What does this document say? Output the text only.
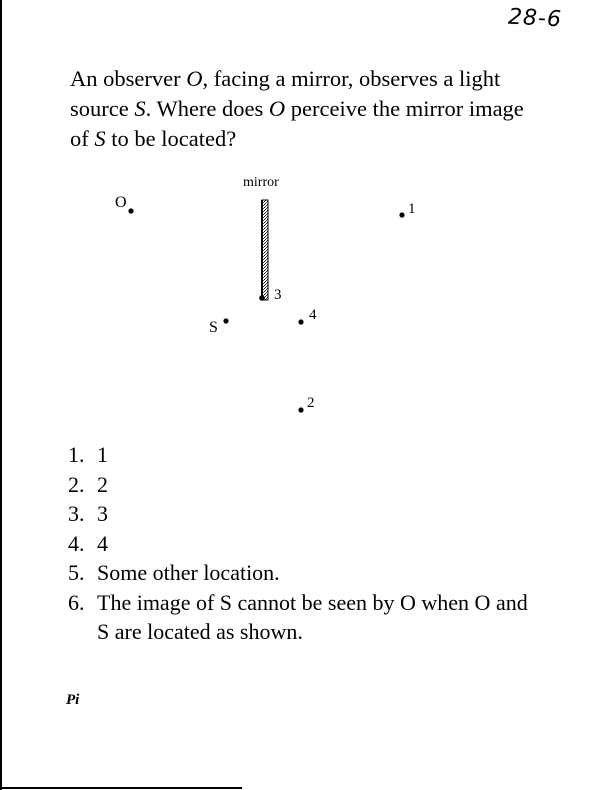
28-6
An observer O, facing a mirror, observes a light source S. Where does O perceive the mirror image of S to be located?
mirror
O	1
3
S
4
2
1. 1
2. 2
3. 3
4. 4
5. Some other location.
6. The image of S cannot be seen by O when O and S are located as shown.
Pi
